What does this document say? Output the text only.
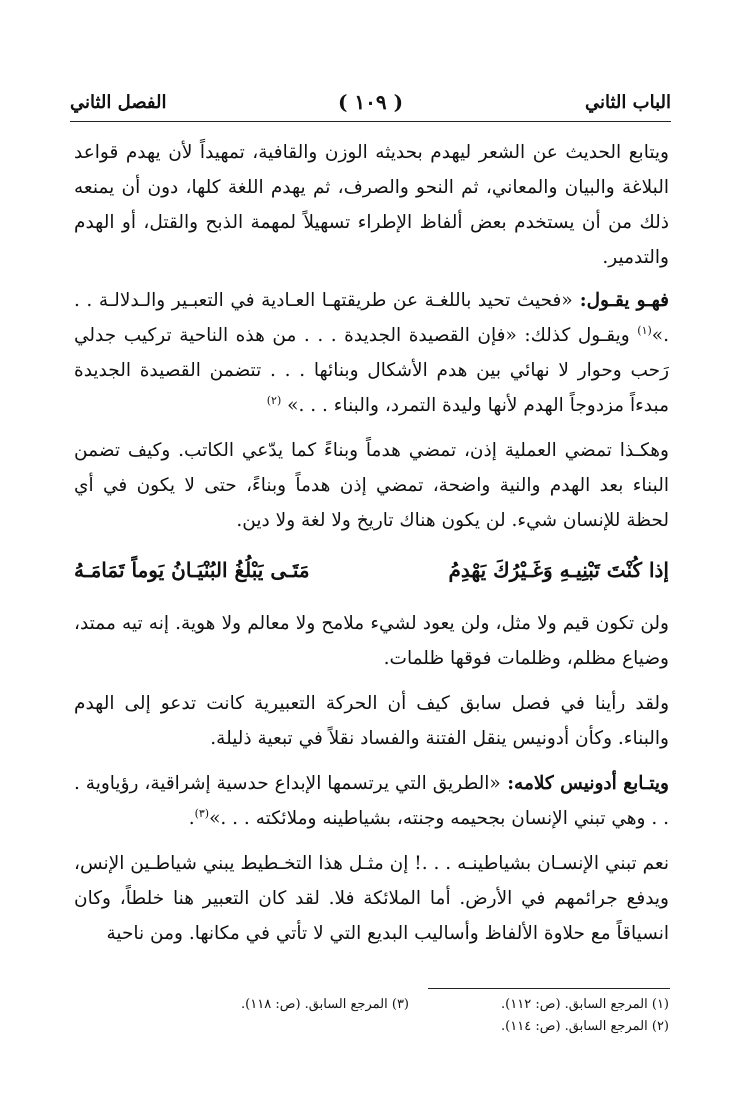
الباب الثاني
( ١٠٩ )
الفصل الثاني

ويتابع الحديث عن الشعر ليهدم بحديثه الوزن والقافية، تمهيداً لأن يهدم قواعد البلاغة والبيان والمعاني، ثم النحو والصرف، ثم يهدم اللغة كلها، دون أن يمنعه ذلك من أن يستخدم بعض ألفاظ الإطراء تسهيلاً لمهمة الذبح والقتل، أو الهدم والتدمير.

فهـو يقـول: «فحيث تحيد باللغـة عن طريقتهـا العـادية في التعبـير والـدلالـة . . .»$^{(١)}$ ويقـول كذلك: «فإن القصيدة الجديدة . . . من هذه الناحية تركيب جدلي رَحب وحوار لا نهائي بين هدم الأشكال وبنائها . . . تتضمن القصيدة الجديدة مبدءاً مزدوجاً الهدم لأنها وليدة التمرد، والبناء . . .» $^{(٢)}$

وهكـذا تمضي العملية إذن، تمضي هدماً وبناءً كما يدّعي الكاتب. وكيف تضمن البناء بعد الهدم والنية واضحة، تمضي إذن هدماً وبناءً، حتى لا يكون في أي لحظة للإنسان شيء. لن يكون هناك تاريخ ولا لغة ولا دين.

إذا كُنْتَ تَبْنِيـهِ وَغَـيْرُكَ يَهْدِمُ
مَتَـى يَبْلُغُ البُنْيَـانُ يَوماً تَمَامَـهُ

ولن تكون قيم ولا مثل، ولن يعود لشيء ملامح ولا معالم ولا هوية. إنه تيه ممتد، وضياع مظلم، وظلمات فوقها ظلمات.

ولقد رأينا في فصل سابق كيف أن الحركة التعبيرية كانت تدعو إلى الهدم والبناء. وكأن أدونيس ينقل الفتنة والفساد نقلاً في تبعية ذليلة.

ويتـابع أدونيس كلامه: «الطريق التي يرتسمها الإبداع حدسية إشراقية، رؤياوية . . . وهي تبني الإنسان بجحيمه وجنته، بشياطينه وملائكته . . .»$^{(٣)}$.

نعم تبني الإنسـان بشياطينـه . . .! إن مثـل هذا التخـطيط يبني شياطـين الإنس، ويدفع جرائمهم في الأرض. أما الملائكة فلا. لقد كان التعبير هنا خلطاً، وكان انسياقاً مع حلاوة الألفاظ وأساليب البديع التي لا تأتي في مكانها. ومن ناحية

(١) المرجع السابق. (ص: ١١٢).
(٢) المرجع السابق. (ص: ١١٤).
(٣) المرجع السابق. (ص: ١١٨).
